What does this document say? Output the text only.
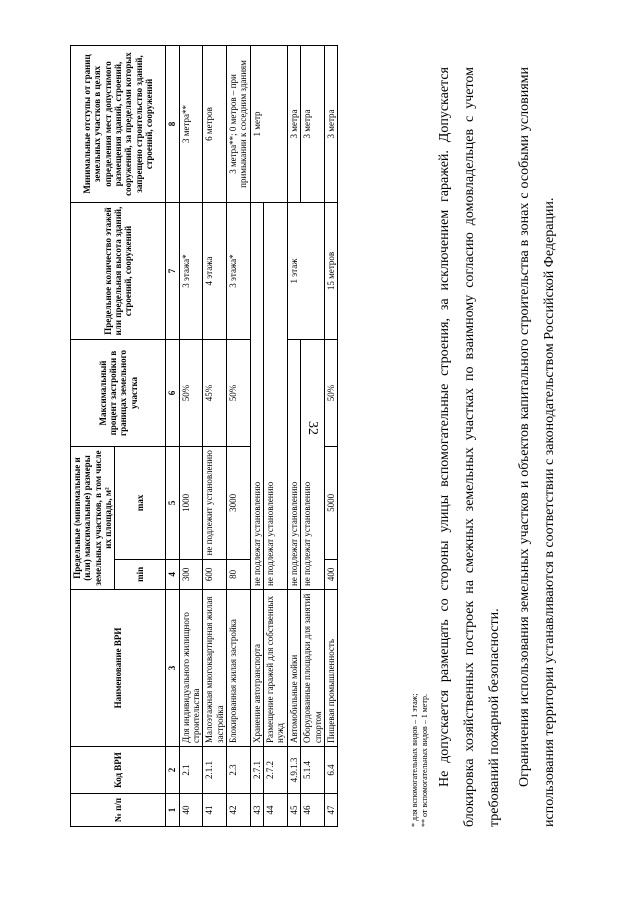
32
№ п/п	Код ВРИ	Наименование ВРИ	Предельные (минимальные и (или) максимальные) размеры земельных участков, в том числе их площадь, м²		Максимальный процент застройки в границах земельного участка	Предельное количество этажей или предельная высота зданий, строений, сооружений	Минимальные отступы от границ земельных участков в целях определения мест допустимого размещения зданий, строений, сооружений, за пределами которых запрещено строительство зданий, строений, сооружений
			min	max			
1	2	3	4	5	6	7	8
40	2.1	Для индивидуального жилищного строительства	300	1000	50%	3 этажа*	3 метра**
41	2.1.1	Малоэтажная многоквартирная жилая застройка	600	не подлежит установлению	45%	4 этажа	6 метров
42	2.3	Блокированная жилая застройка	80	3000	50%	3 этажа*	3 метра**; 0 метров – при примыкании к соседним зданиям
43	2.7.1	Хранение автотранспорта	не подлежат установлению				1 метр
44	2.7.2	Размещение гаражей для собственных нужд	не подлежат установлению				
45	4.9.1.3	Автомобильные мойки	не подлежат установлению			1 этаж	3 метра
46	5.1.4	Оборудованные площадки для занятий спортом	не подлежат установлению				3 метра
47	6.4	Пищевая промышленность	400	5000	50%	15 метров	3 метра
* для вспомогательных видов – 1 этаж; ** от вспомогательных видов – 1 метр. Не допускается размещать со стороны улицы вспомогательные строения, за исключением гаражей. Допускается блокировка хозяйственных построек на смежных земельных участках по взаимному согласию домовладельцев с учетом требований пожарной безопасности.	Ограничения использования земельных участков и объектов капитального строительства в зонах с особыми условиями использования территории устанавливаются в соответствии с законодательством Российской Федерации.
